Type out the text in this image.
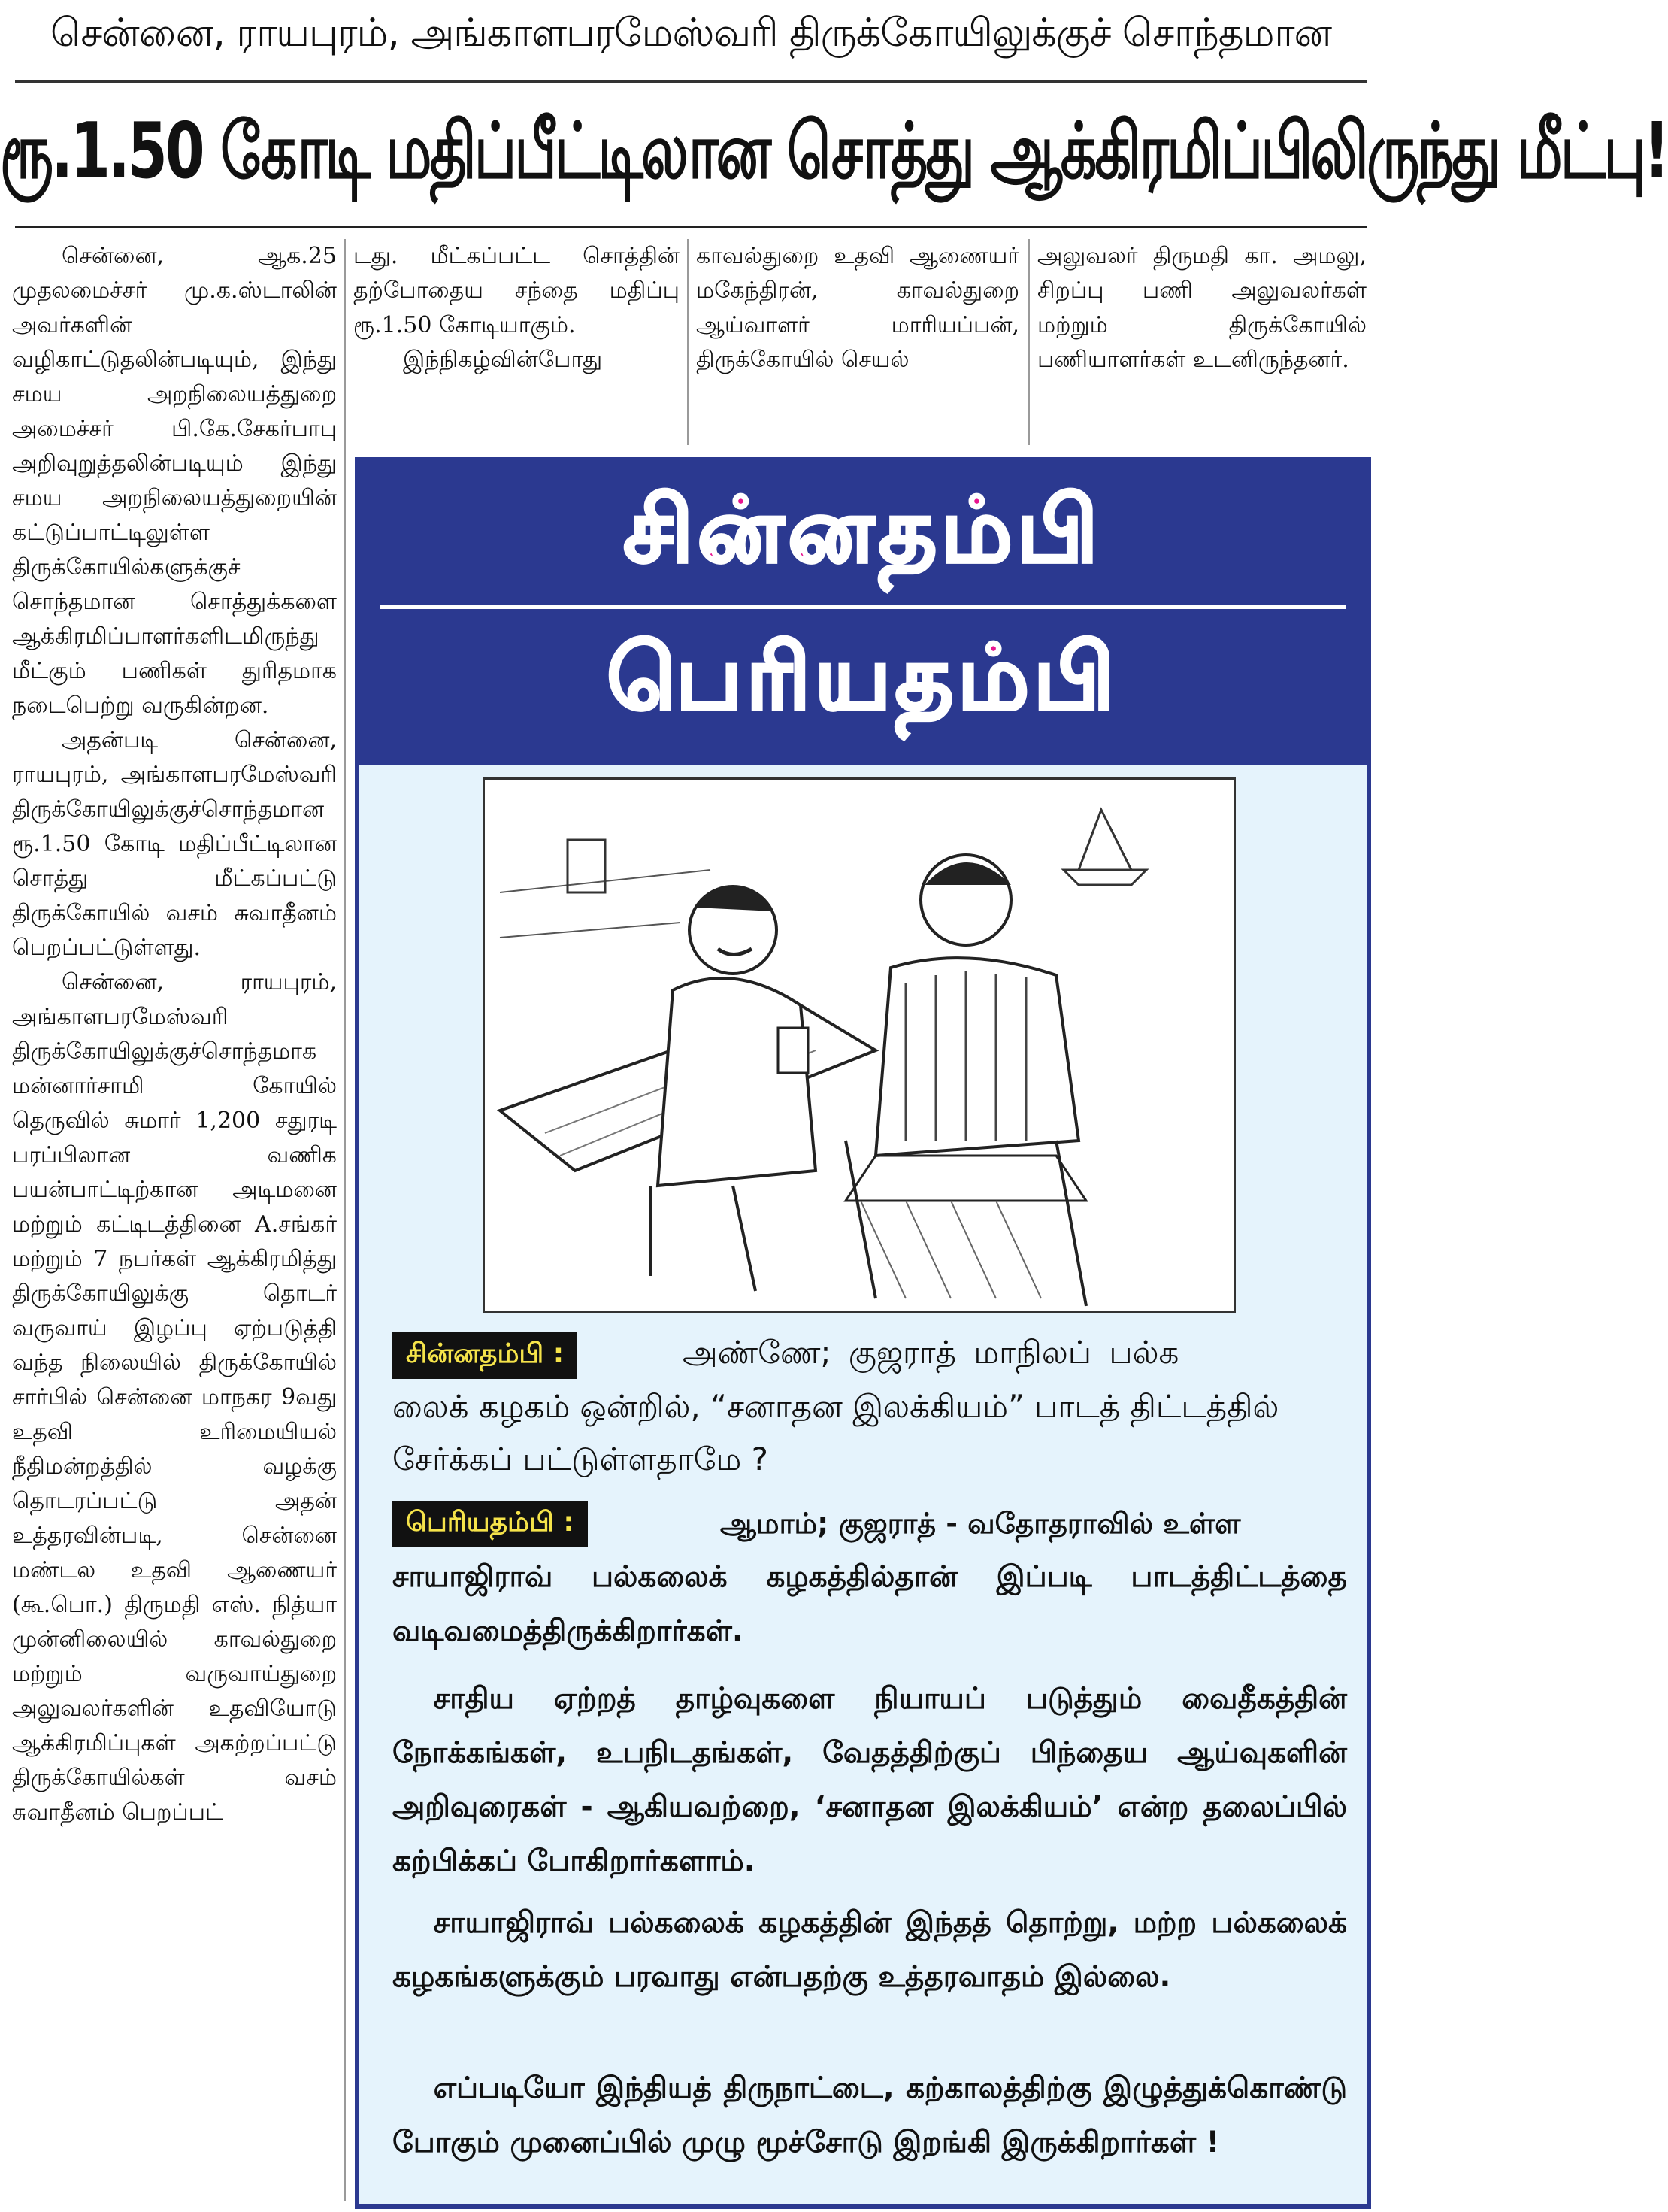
சென்னை, ராயபுரம், அங்காளபரமேஸ்வரி திருக்கோயிலுக்குச் சொந்தமான
ரூ.1.50 கோடி மதிப்பீட்டிலான சொத்து ஆக்கிரமிப்பிலிருந்து மீட்பு!

சென்னை, ஆக.25 முதலமைச்சர் மு.க.ஸ்டாலின் அவர்களின் வழிகாட்டுதலின்படியும், இந்து சமய அறநிலையத்துறை அமைச்சர் பி.கே.சேகர்பாபு அறிவுறுத்தலின்படியும் இந்து சமய அறநிலையத்துறையின் கட்டுப்பாட்டிலுள்ள திருக்கோயில்களுக்குச் சொந்தமான சொத்துக்களை ஆக்கிரமிப்பாளர்களிடமிருந்து மீட்கும் பணிகள் துரிதமாக நடைபெற்று வருகின்றன.

அதன்படி சென்னை, ராயபுரம், அங்காளபரமேஸ்வரி திருக்கோயிலுக்குச்சொந்தமான ரூ.1.50 கோடி மதிப்பீட்டிலான சொத்து மீட்கப்பட்டு திருக்கோயில் வசம் சுவாதீனம் பெறப்பட்டுள்ளது.

சென்னை, ராயபுரம், அங்காளபரமேஸ்வரி திருக்கோயிலுக்குச்சொந்தமாக மன்னார்சாமி கோயில் தெருவில் சுமார் 1,200 சதுரடி பரப்பிலான வணிக பயன்பாட்டிற்கான அடிமனை மற்றும் கட்டிடத்தினை A.சங்கர் மற்றும் 7 நபர்கள் ஆக்கிரமித்து திருக்கோயிலுக்கு தொடர் வருவாய் இழப்பு ஏற்படுத்தி வந்த நிலையில் திருக்கோயில் சார்பில் சென்னை மாநகர 9வது உதவி உரிமையியல் நீதிமன்றத்தில் வழக்கு தொடரப்பட்டு அதன் உத்தரவின்படி, சென்னை மண்டல உதவி ஆணையர் (கூ.பொ.) திருமதி எஸ். நித்யா முன்னிலையில் காவல்துறை மற்றும் வருவாய்துறை அலுவலர்களின் உதவியோடு ஆக்கிரமிப்புகள் அகற்றப்பட்டு திருக்கோயில்கள் வசம் சுவாதீனம் பெறப்பட்

டது. மீட்கப்பட்ட சொத்தின் தற்போதைய சந்தை மதிப்பு ரூ.1.50 கோடியாகும்.

இந்நிகழ்வின்போது

காவல்துறை உதவி ஆணையர் மகேந்திரன், காவல்துறை ஆய்வாளர் மாரியப்பன், திருக்கோயில் செயல்

அலுவலர் திருமதி கா. அமலு, சிறப்பு பணி அலுவலர்கள் மற்றும் திருக்கோயில் பணியாளர்கள் உடனிருந்தனர்.

சின்னதம்பி
பெரியதம்பி
சின்னதம்பி :	அண்ணே; குஜராத் மாநிலப் பல்க
லைக் கழகம் ஒன்றில், “சனாதன இலக்கியம்” பாடத் திட்டத்தில் சேர்க்கப் பட்டுள்ளதாமே ?
பெரியதம்பி :	ஆமாம்; குஜராத் - வதோதராவில் உள்ள
சாயாஜிராவ் பல்கலைக் கழகத்தில்தான் இப்படி பாடத்திட்டத்தை வடிவமைத்திருக்கிறார்கள்.
சாதிய ஏற்றத் தாழ்வுகளை நியாயப் படுத்தும் வைதீகத்தின் நோக்கங்கள், உபநிடதங்கள், வேதத்திற்குப் பிந்தைய ஆய்வுகளின் அறிவுரைகள் - ஆகியவற்றை, ‘சனாதன இலக்கியம்’ என்ற தலைப்பில் கற்பிக்கப் போகிறார்களாம்.
சாயாஜிராவ் பல்கலைக் கழகத்தின் இந்தத் தொற்று, மற்ற பல்கலைக் கழகங்களுக்கும் பரவாது என்பதற்கு உத்தரவாதம் இல்லை.
எப்படியோ இந்தியத் திருநாட்டை, கற்காலத்திற்கு இழுத்துக்கொண்டு போகும் முனைப்பில் முழு மூச்சோடு இறங்கி இருக்கிறார்கள் !
